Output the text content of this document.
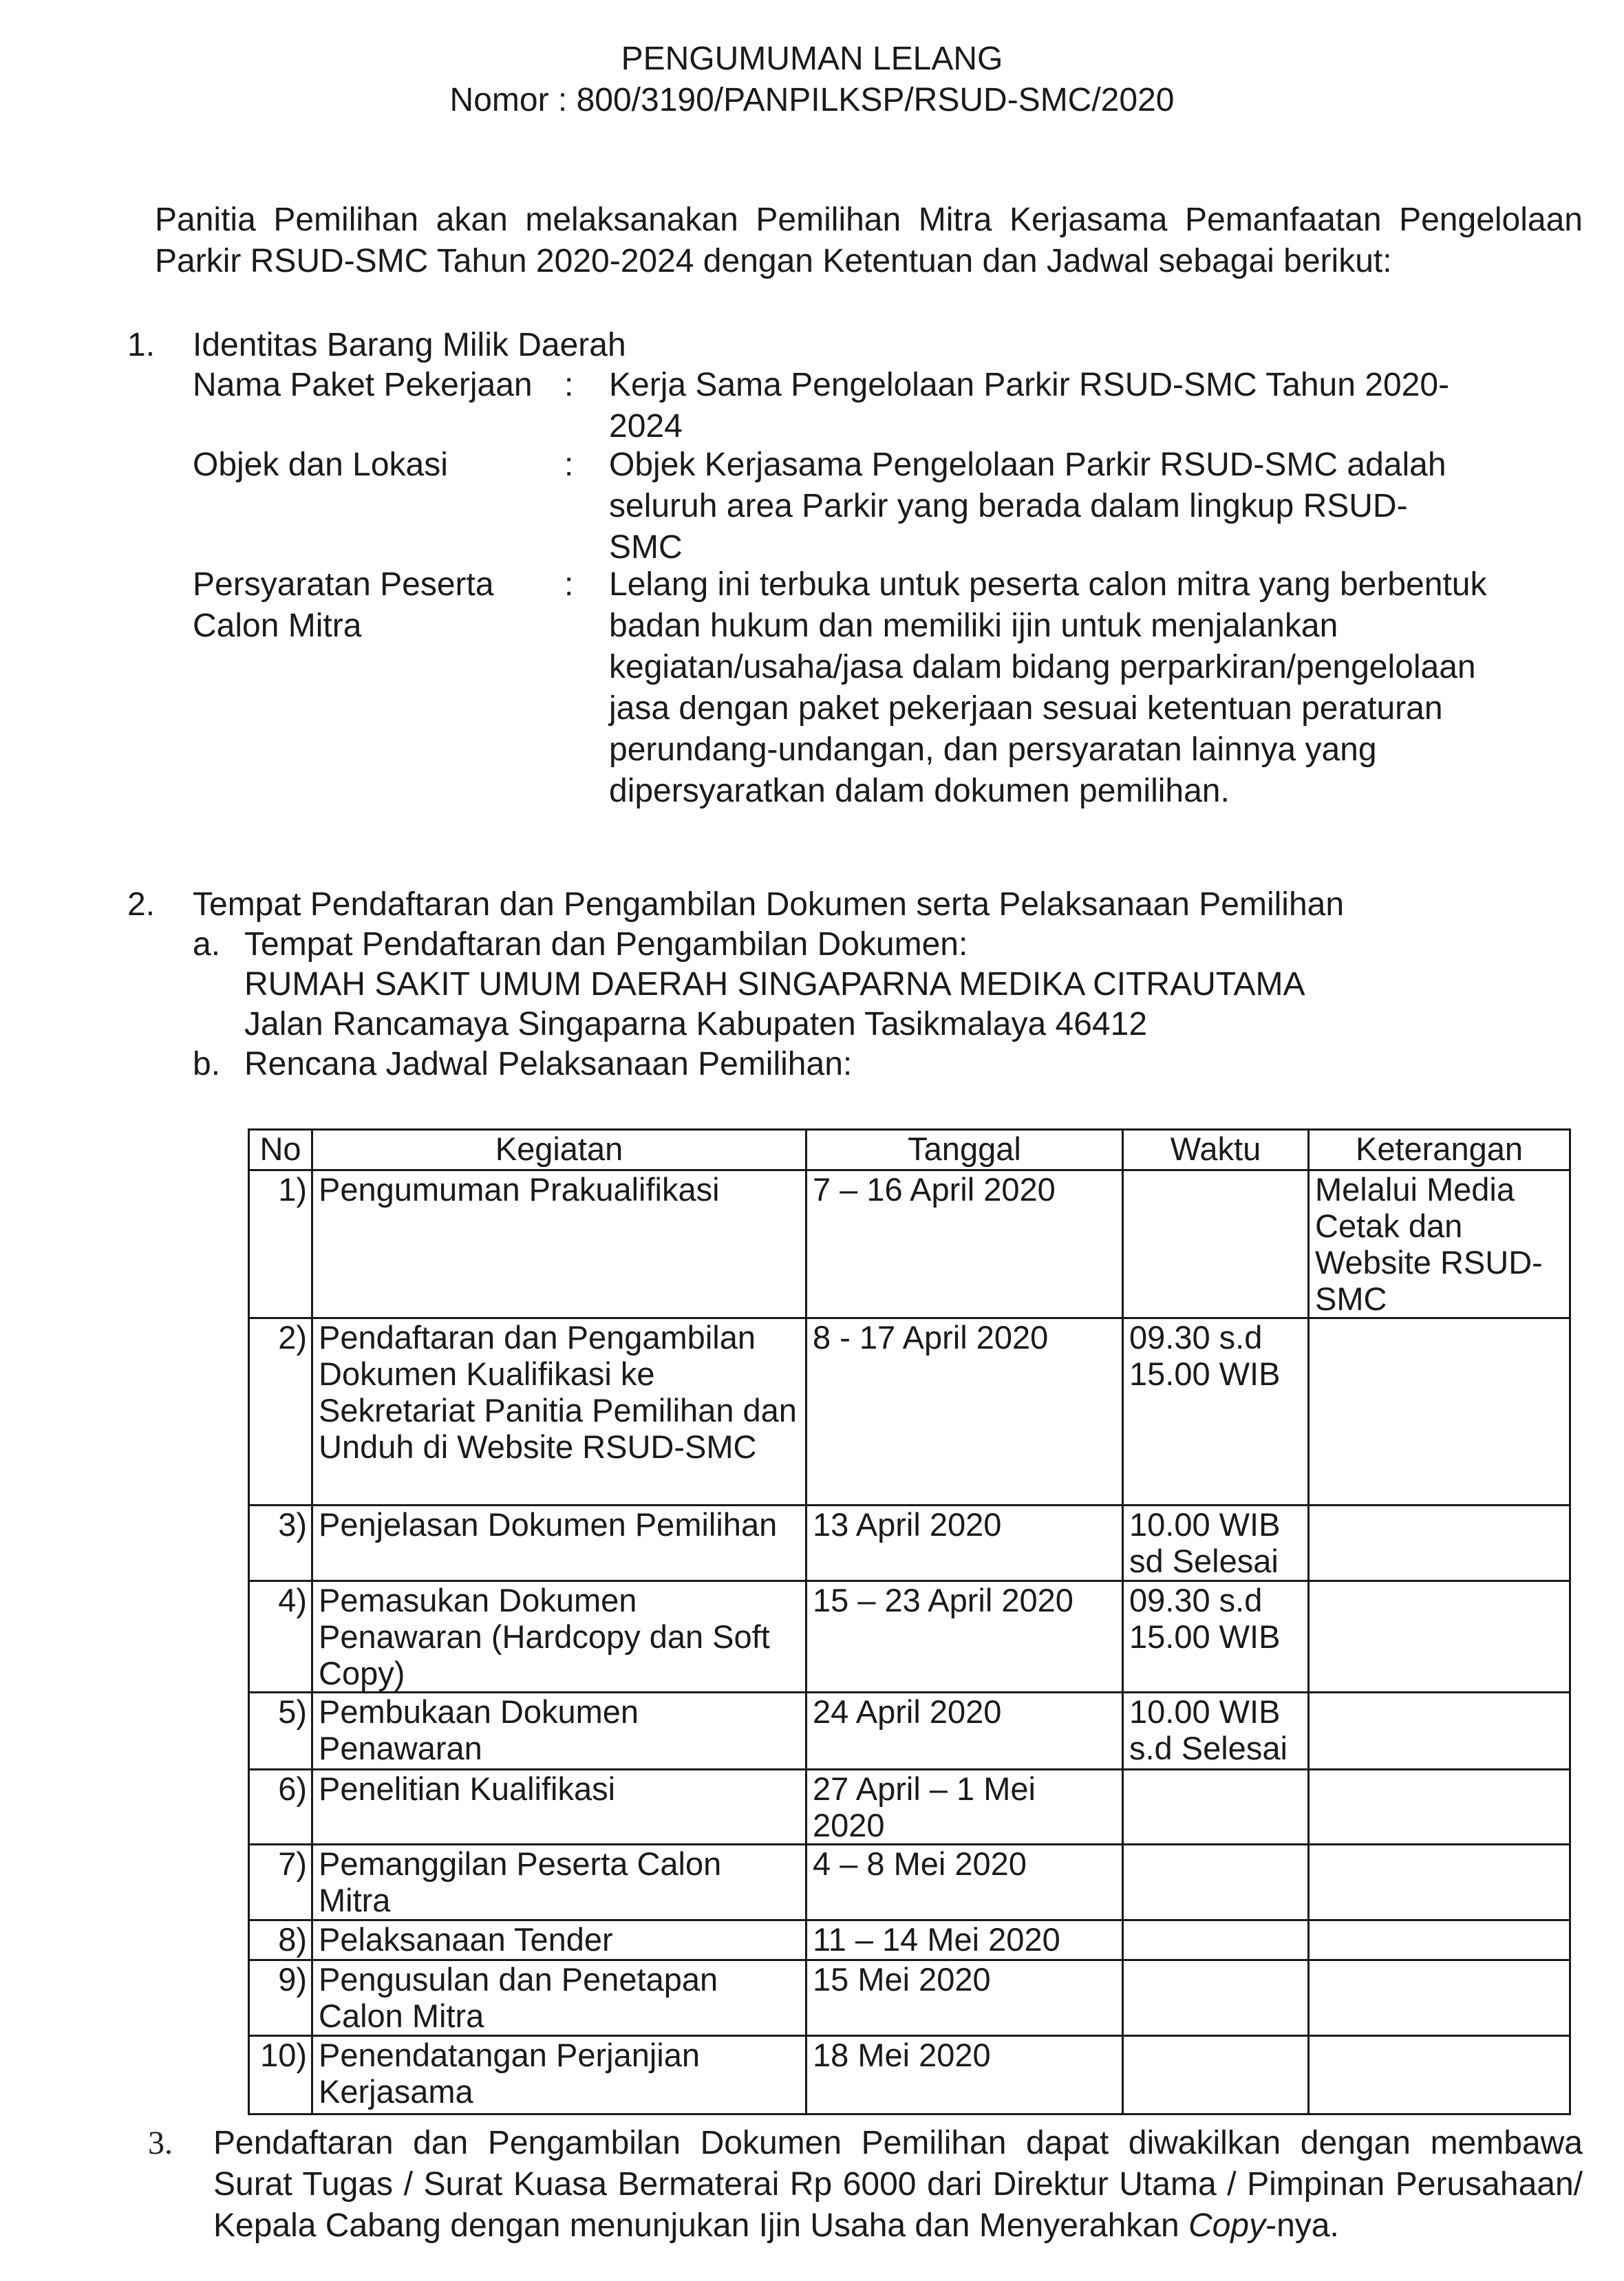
PENGUMUMAN LELANG
Nomor : 800/3190/PANPILKSP/RSUD-SMC/2020

Panitia Pemilihan akan melaksanakan Pemilihan Mitra Kerjasama Pemanfaatan Pengelolaan Parkir RSUD-SMC Tahun 2020-2024 dengan Ketentuan dan Jadwal sebagai berikut:

1. Identitas Barang Milik Daerah
Nama Paket Pekerjaan : Kerja Sama Pengelolaan Parkir RSUD-SMC Tahun 2020-2024
Objek dan Lokasi	: Objek Kerjasama Pengelolaan Parkir RSUD-SMC adalah seluruh area Parkir yang berada dalam lingkup RSUD-SMC
Persyaratan Peserta Calon Mitra
: Lelang ini terbuka untuk peserta calon mitra yang berbentuk badan hukum dan memiliki ijin untuk menjalankan kegiatan/usaha/jasa dalam bidang perparkiran/pengelolaan jasa dengan paket pekerjaan sesuai ketentuan peraturan perundang-undangan, dan persyaratan lainnya yang dipersyaratkan dalam dokumen pemilihan.
2. Tempat Pendaftaran dan Pengambilan Dokumen serta Pelaksanaan Pemilihan
a. Tempat Pendaftaran dan Pengambilan Dokumen:
RUMAH SAKIT UMUM DAERAH SINGAPARNA MEDIKA CITRAUTAMA
Jalan Rancamaya Singaparna Kabupaten Tasikmalaya 46412
b. Rencana Jadwal Pelaksanaan Pemilihan:
No	Kegiatan	Tanggal	Waktu	Keterangan
1)	Pengumuman Prakualifikasi	7 – 16 April 2020		Melalui Media Cetak dan Website RSUD-SMC
2)	Pendaftaran dan Pengambilan Dokumen Kualifikasi ke Sekretariat Panitia Pemilihan dan Unduh di Website RSUD-SMC	8 - 17 April 2020	09.30 s.d 15.00 WIB	
3)	Penjelasan Dokumen Pemilihan	13 April 2020	10.00 WIB sd Selesai	
4)	Pemasukan Dokumen Penawaran (Hardcopy dan Soft Copy)	15 – 23 April 2020	09.30 s.d 15.00 WIB	
5)	Pembukaan Dokumen Penawaran	24 April 2020	10.00 WIB s.d Selesai	
6)	Penelitian Kualifikasi	27 April – 1 Mei 2020		
7)	Pemanggilan Peserta Calon Mitra	4 – 8 Mei 2020		
8)	Pelaksanaan Tender	11 – 14 Mei 2020		
9)	Pengusulan dan Penetapan Calon Mitra	15 Mei 2020		
10)	Penendatangan Perjanjian Kerjasama	18 Mei 2020		
3. Pendaftaran dan Pengambilan Dokumen Pemilihan dapat diwakilkan dengan membawa Surat Tugas / Surat Kuasa Bermaterai Rp 6000 dari Direktur Utama / Pimpinan Perusahaan/ Kepala Cabang dengan menunjukan Ijin Usaha dan Menyerahkan Copy-nya.
